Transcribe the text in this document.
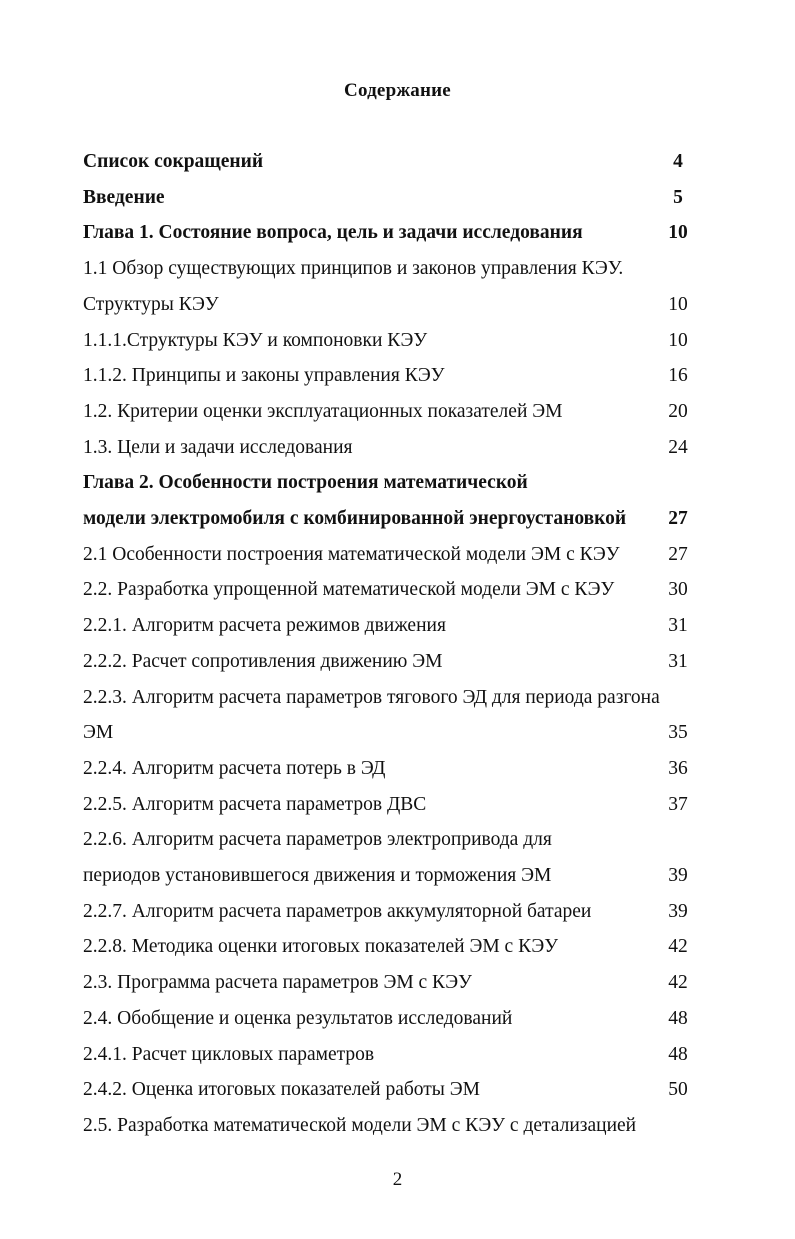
Содержание
Список сокращений	4
Введение	5
Глава 1. Состояние вопроса, цель и задачи исследования	10
1.1 Обзор существующих принципов и законов управления КЭУ.
Структуры КЭУ	10
1.1.1.Структуры КЭУ и компоновки КЭУ	10
1.1.2. Принципы и законы управления КЭУ	16
1.2. Критерии оценки эксплуатационных показателей ЭМ	20
1.3. Цели и задачи исследования	24
Глава 2. Особенности построения математической
модели электромобиля с комбинированной энергоустановкой 27
2.1 Особенности построения математической модели ЭМ с КЭУ 27
2.2. Разработка упрощенной математической модели ЭМ с КЭУ	30
2.2.1. Алгоритм расчета режимов движения	31
2.2.2. Расчет сопротивления движению ЭМ	31
2.2.3. Алгоритм расчета параметров тягового ЭД для периода разгона
ЭМ	35
2.2.4. Алгоритм расчета потерь в ЭД	36
2.2.5. Алгоритм расчета параметров ДВС	37
2.2.6. Алгоритм расчета параметров электропривода для
периодов установившегося движения и торможения ЭМ	39
2.2.7. Алгоритм расчета параметров аккумуляторной батареи	39
2.2.8. Методика оценки итоговых показателей ЭМ с КЭУ	42
2.3. Программа расчета параметров ЭМ с КЭУ	42
2.4. Обобщение и оценка результатов исследований	48
2.4.1. Расчет цикловых параметров	48
2.4.2. Оценка итоговых показателей работы ЭМ	50
2.5. Разработка математической модели ЭМ с КЭУ с детализацией
2
